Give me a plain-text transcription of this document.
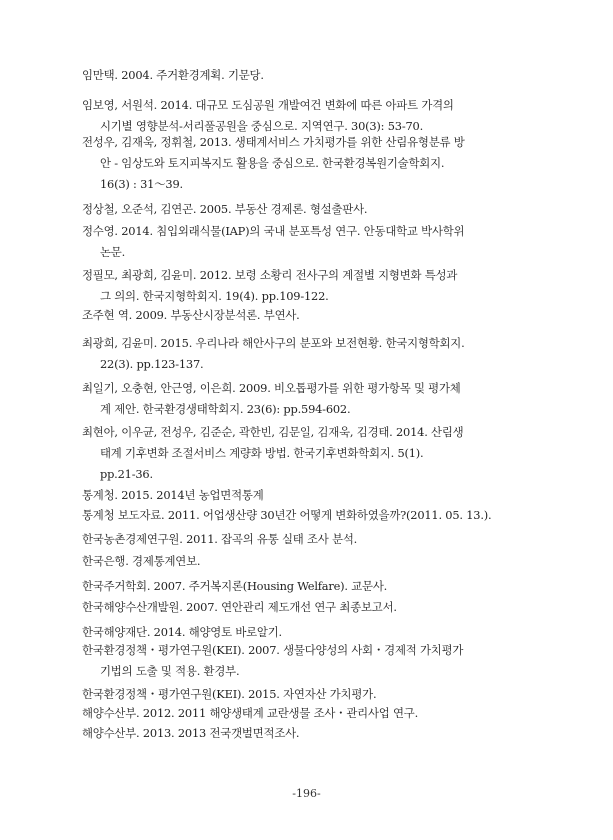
임만택. 2004. 주거환경계획. 기문당.
임보영, 서원석. 2014. 대규모 도심공원 개발여건 변화에 따른 아파트 가격의
시기별 영향분석-서리풀공원을 중심으로. 지역연구. 30(3): 53-70.
전성우, 김재욱, 정휘철, 2013. 생태계서비스 가치평가를 위한 산림유형분류 방
안 - 임상도와 토지피복지도 활용을 중심으로. 한국환경복원기술학회지.
16(3) : 31～39.
정상철, 오준석, 김연곤. 2005. 부동산 경제론. 형설출판사.
정수영. 2014. 침입외래식물(IAP)의 국내 분포특성 연구. 안동대학교 박사학위
논문.
정필모, 최광희, 김윤미. 2012. 보령 소황리 전사구의 계절별 지형변화 특성과
그 의의. 한국지형학회지. 19(4). pp.109-122.
조주현 역. 2009. 부동산시장분석론. 부연사.
최광희, 김윤미. 2015. 우리나라 해안사구의 분포와 보전현황. 한국지형학회지.
22(3). pp.123-137.
최일기, 오충현, 안근영, 이은희. 2009. 비오톱평가를 위한 평가항목 및 평가체
계 제안. 한국환경생태학회지. 23(6): pp.594-602.
최현아, 이우균, 전성우, 김준순, 곽한빈, 김문일, 김재욱, 김경태. 2014. 산림생
태계 기후변화 조절서비스 계량화 방법. 한국기후변화학회지. 5(1).
pp.21-36.
통계청. 2015. 2014년 농업면적통계
통계청 보도자료. 2011. 어업생산량 30년간 어떻게 변화하였을까?(2011. 05. 13.).
한국농촌경제연구원. 2011. 잡곡의 유통 실태 조사 분석.
한국은행. 경제통계연보.
한국주거학회. 2007. 주거복지론(Housing Welfare). 교문사.
한국해양수산개발원. 2007. 연안관리 제도개선 연구 최종보고서.
한국해양재단. 2014. 해양영토 바로알기.
한국환경정책・평가연구원(KEI). 2007. 생물다양성의 사회・경제적 가치평가
기법의 도출 및 적용. 환경부.
한국환경정책・평가연구원(KEI). 2015. 자연자산 가치평가.
해양수산부. 2012. 2011 해양생태계 교란생물 조사・관리사업 연구.
해양수산부. 2013. 2013 전국갯벌면적조사.
-196-
